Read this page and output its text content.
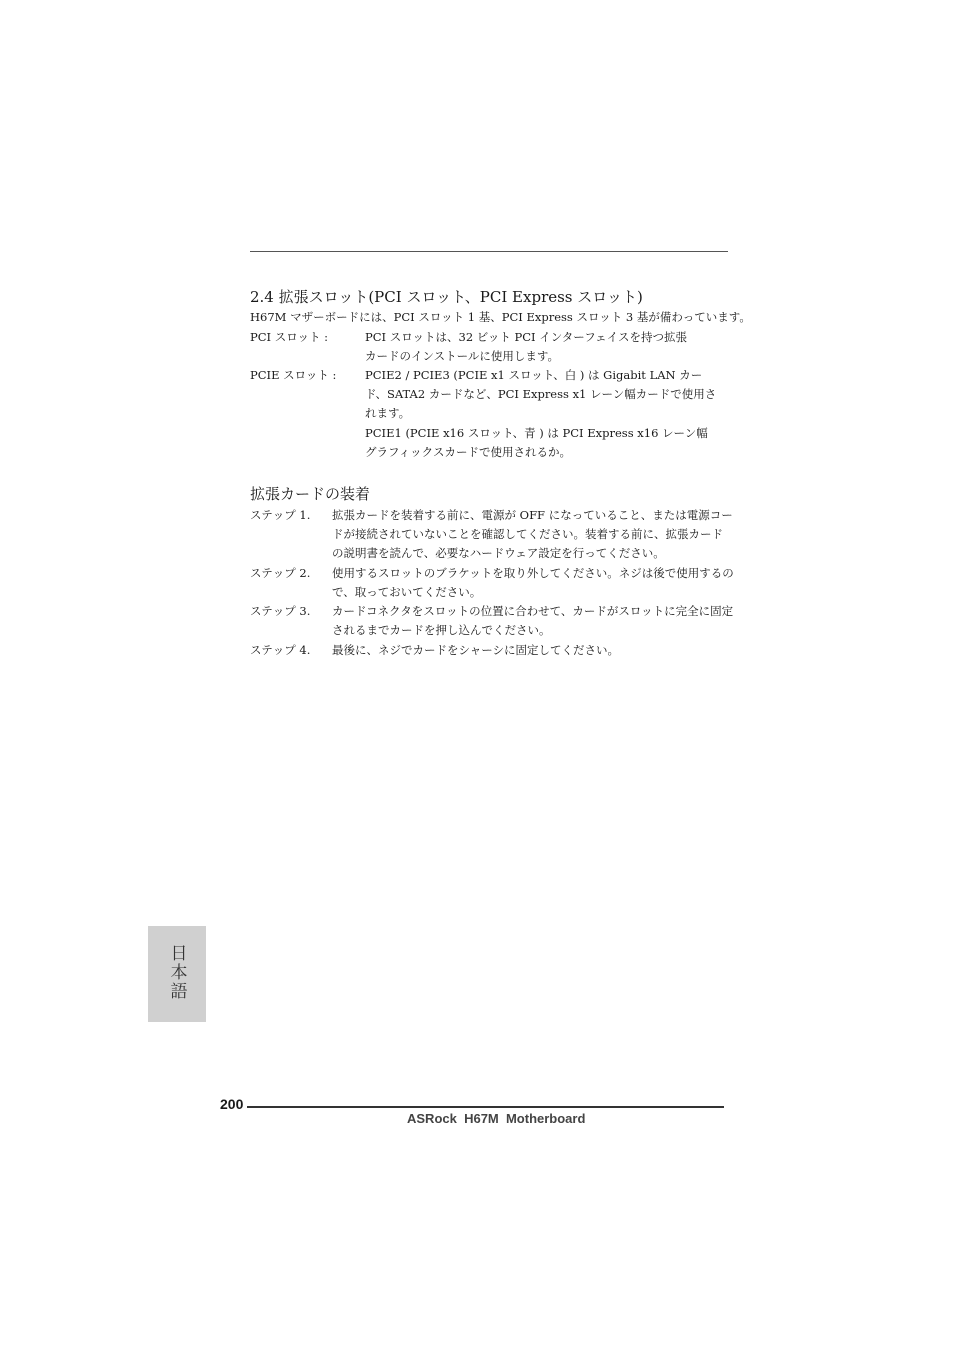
2.4 拡張スロット(PCI スロット、PCI Express スロット)
H67M マザーボードには、PCI スロット 1 基、PCI Express スロット 3 基が備わっています。
PCI スロット :	PCI スロットは、32 ビット PCI インターフェイスを持つ拡張
カードのインストールに使用します。
PCIE スロット : PCIE2 / PCIE3 (PCIE x1 スロット、白 ) は Gigabit LAN カー
ド、SATA2 カードなど、PCI Express x1 レーン幅カードで使用さ
れます。
PCIE1 (PCIE x16 スロット、青 ) は PCI Express x16 レーン幅
グラフィックスカードで使用されるか。
拡張カードの装着
ステップ 1. 拡張カードを装着する前に、電源が OFF になっていること、または電源コー
ドが接続されていないことを確認してください。装着する前に、拡張カード
の説明書を読んで、必要なハードウェア設定を行ってください。
ステップ 2. 使用するスロットのブラケットを取り外してください。ネジは後で使用するの
で、取っておいてください。
ステップ 3. カードコネクタをスロットの位置に合わせて、カードがスロットに完全に固定
されるまでカードを押し込んでください。
ステップ 4. 最後に、ネジでカードをシャーシに固定してください。
日本語
200
ASRock  H67M  Motherboard
